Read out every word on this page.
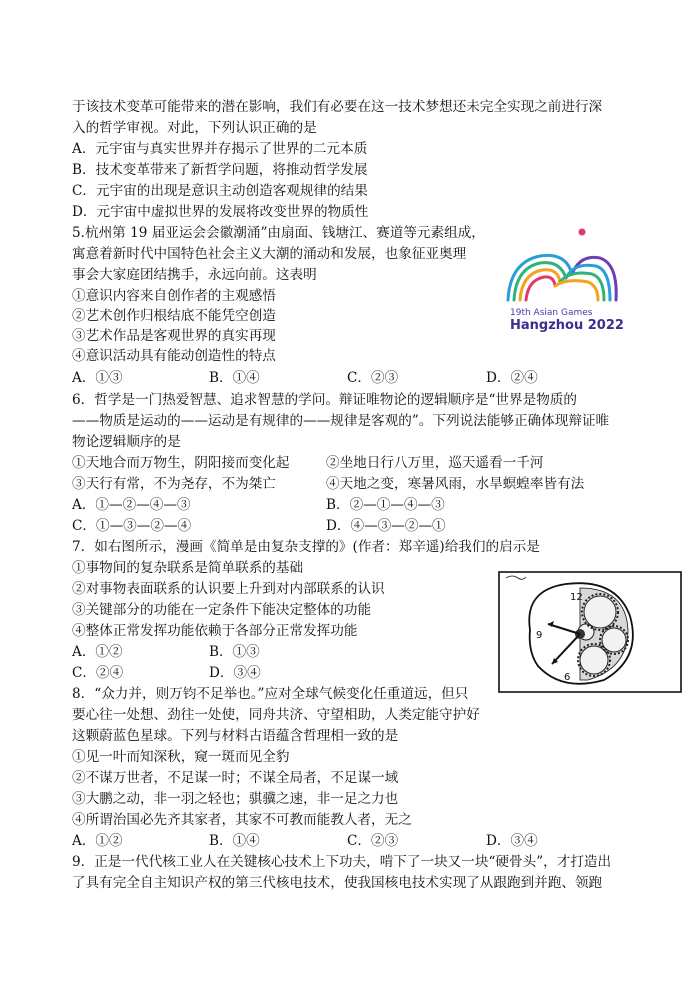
于该技术变革可能带来的潜在影响，我们有必要在这一技术梦想还未完全实现之前进行深
入的哲学审视。对此，下列认识正确的是
A．元宇宙与真实世界并存揭示了世界的二元本质
B．技术变革带来了新哲学问题，将推动哲学发展
C．元宇宙的出现是意识主动创造客观规律的结果
D．元宇宙中虚拟世界的发展将改变世界的物质性
5.杭州第 19 届亚运会会徽潮涌”由扇面、钱塘江、赛道等元素组成，
寓意着新时代中国特色社会主义大潮的涌动和发展，也象征亚奥理
事会大家庭团结携手，永远向前。这表明
①意识内容来自创作者的主观感悟
②艺术创作归根结底不能凭空创造
③艺术作品是客观世界的真实再现
④意识活动具有能动创造性的特点
A．①③	B．①④	C．②③	D．②④
19th Asian Games
Hangzhou 2022
6．哲学是一门热爱智慧、追求智慧的学问。辩证唯物论的逻辑顺序是“世界是物质的
——物质是运动的——运动是有规律的——规律是客观的”。下列说法能够正确体现辩证唯
物论逻辑顺序的是
①天地合而万物生，阴阳接而变化起	②坐地日行八万里，巡天遥看一千河
③天行有常，不为尧存，不为桀亡	④天地之变，寒暑风雨，水旱螟蝗率皆有法
A．①—②—④—③	B．②—①—④—③
C．①—③—②—④	D．④—③—②—①
7．如右图所示，漫画《简单是由复杂支撑的》(作者：郑辛遥)给我们的启示是
①事物间的复杂联系是简单联系的基础
②对事物表面联系的认识要上升到对内部联系的认识
③关键部分的功能在一定条件下能决定整体的功能
④整体正常发挥功能依赖于各部分正常发挥功能
A．①②	B．①③
C．②④	D．③④
12
9
6
8．“众力并，则万钧不足举也。”应对全球气候变化任重道远，但只
要心往一处想、劲往一处使，同舟共济、守望相助，人类定能守护好
这颗蔚蓝色星球。下列与材料古语蕴含哲理相一致的是
①见一叶而知深秋，窥一斑而见全豹
②不谋万世者，不足谋一时；不谋全局者，不足谋一域
③大鹏之动，非一羽之轻也；骐骥之速，非一足之力也
④所谓治国必先齐其家者，其家不可教而能教人者，无之
A．①②	B．①④	C．②③	D．③④
9．正是一代代核工业人在关键核心技术上下功夫，啃下了一块又一块“硬骨头”，才打造出
了具有完全自主知识产权的第三代核电技术，使我国核电技术实现了从跟跑到并跑、领跑
